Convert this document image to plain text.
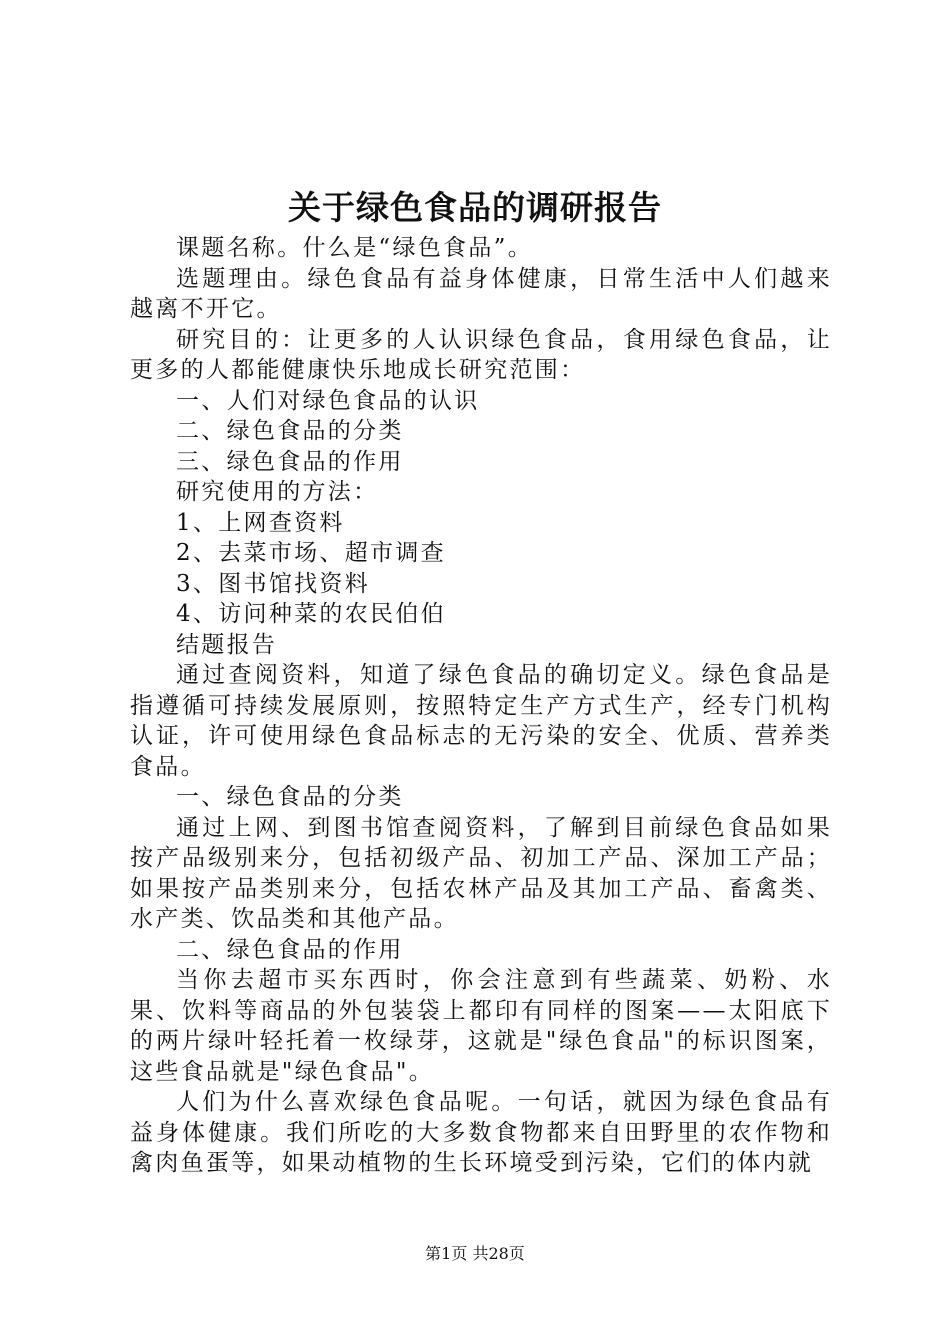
关于绿色食品的调研报告

课题名称。什么是“绿色食品”。

选题理由。绿色食品有益身体健康，日常生活中人们越来越离不开它。

研究目的：让更多的人认识绿色食品，食用绿色食品，让更多的人都能健康快乐地成长研究范围：

一、人们对绿色食品的认识

二、绿色食品的分类

三、绿色食品的作用

研究使用的方法：

1、上网查资料

2、去菜市场、超市调查

3、图书馆找资料

4、访问种菜的农民伯伯

结题报告

通过查阅资料，知道了绿色食品的确切定义。绿色食品是指遵循可持续发展原则，按照特定生产方式生产，经专门机构认证，许可使用绿色食品标志的无污染的安全、优质、营养类食品。

一、绿色食品的分类

通过上网、到图书馆查阅资料，了解到目前绿色食品如果按产品级别来分，包括初级产品、初加工产品、深加工产品；如果按产品类别来分，包括农林产品及其加工产品、畜禽类、水产类、饮品类和其他产品。

二、绿色食品的作用

当你去超市买东西时，你会注意到有些蔬菜、奶粉、水果、饮料等商品的外包装袋上都印有同样的图案——太阳底下的两片绿叶轻托着一枚绿芽，这就是"绿色食品"的标识图案，这些食品就是"绿色食品"。

人们为什么喜欢绿色食品呢。一句话，就因为绿色食品有益身体健康。我们所吃的大多数食物都来自田野里的农作物和禽肉鱼蛋等，如果动植物的生长环境受到污染，它们的体内就

第1页 共28页
